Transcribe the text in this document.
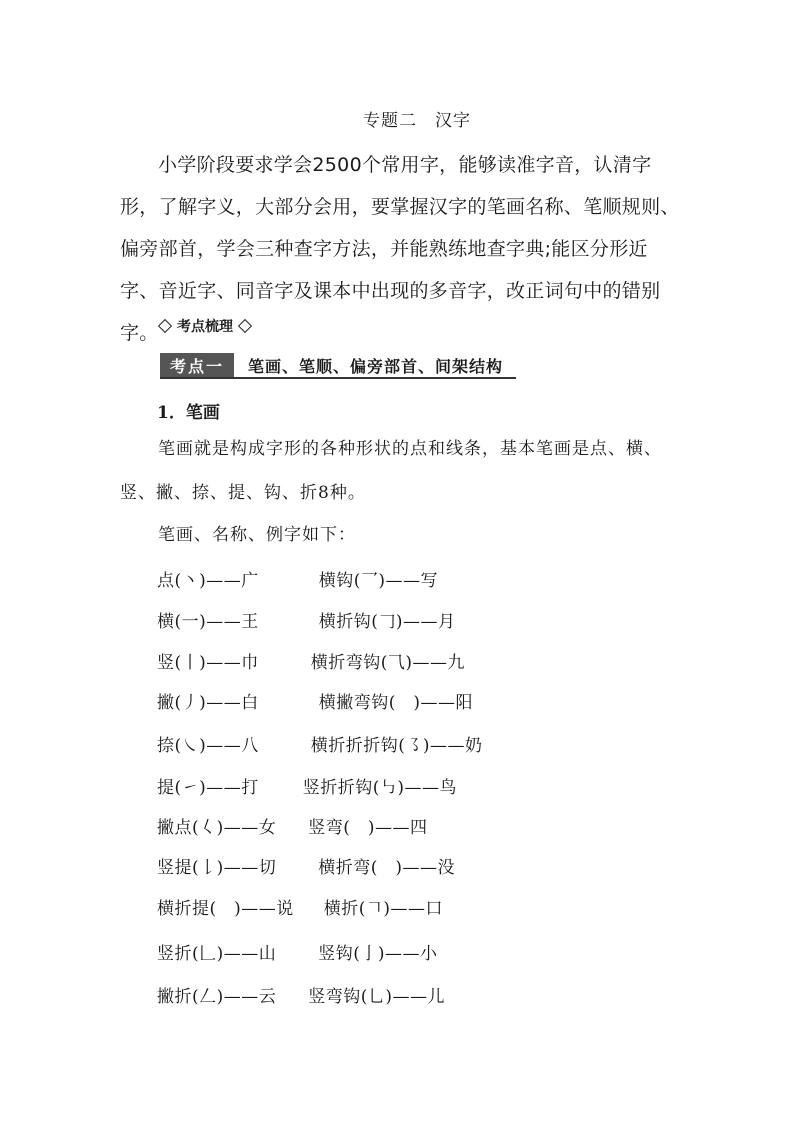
专题二　汉字
小学阶段要求学会2500个常用字，能够读准字音，认清字形，了解字义，大部分会用，要掌握汉字的笔画名称、笔顺规则、偏旁部首，学会三种查字方法，并能熟练地查字典;能区分形近字、音近字、同音字及课本中出现的多音字，改正词句中的错别字。	考点梳理
考点一	笔画、笔顺、偏旁部首、间架结构
1．笔画
笔画就是构成字形的各种形状的点和线条，基本笔画是点、横、竖、撇、捺、提、钩、折8种。
笔画、名称、例字如下：
点(丶)——广	横钩(乛)——写
横(一)——王	横折钩(𠃌)——月
竖(丨)——巾	横折弯钩(⺄)——九
撇(丿)——白	横撇弯钩(　)——阳
捺(㇏)——八	横折折折钩(㇌)——奶
提(㇀)——打	竖折折钩(㇉)——鸟
撇点(𡿨)——女 竖弯(　)——四
竖提(𠄌)——切 横折弯(　)——没
横折提(　)——说 横折(𠃍)——口
竖折(𠃊)——山 竖钩(亅)——小
撇折(𠃋)——云 竖弯钩(乚)——儿
